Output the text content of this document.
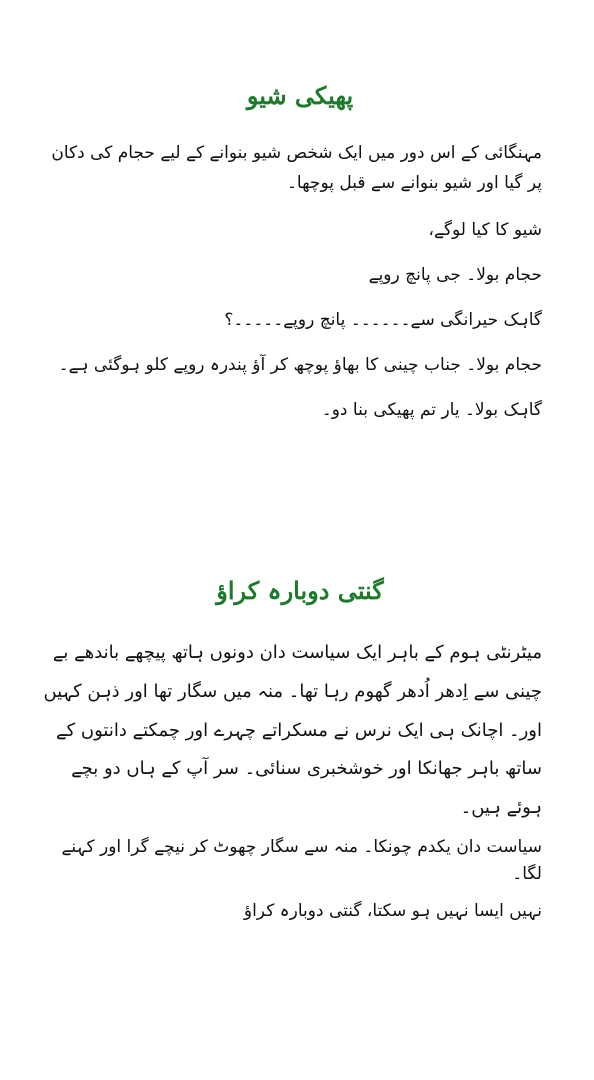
پھیکی شیو

مہنگائی کے اس دور میں ایک شخص شیو بنوانے کے لیے حجام کی دکان پر گیا اور شیو بنوانے سے قبل پوچھا۔

شیو کا کیا لوگے،

حجام بولا۔ جی پانچ روپے

گاہک حیرانگی سے۔۔۔۔۔۔ پانچ روپے۔۔۔۔۔؟

حجام بولا۔ جناب چینی کا بھاؤ پوچھ کر آؤ پندرہ روپے کلو ہوگئی ہے۔

گاہک بولا۔ یار تم پھیکی بنا دو۔

گنتی دوبارہ کراؤ

میٹرنٹی ہوم کے باہر ایک سیاست دان دونوں ہاتھ پیچھے باندھے بے چینی سے اِدھر اُدھر گھوم رہا تھا۔ منہ میں سگار تھا اور ذہن کہیں اور۔ اچانک ہی ایک نرس نے مسکراتے چہرے اور چمکتے دانتوں کے ساتھ باہر جھانکا اور خوشخبری سنائی۔ سر آپ کے ہاں دو بچے ہوئے ہیں۔

سیاست دان یکدم چونکا۔ منہ سے سگار چھوٹ کر نیچے گرا اور کہنے لگا۔

نہیں ایسا نہیں ہو سکتا، گنتی دوبارہ کراؤ
